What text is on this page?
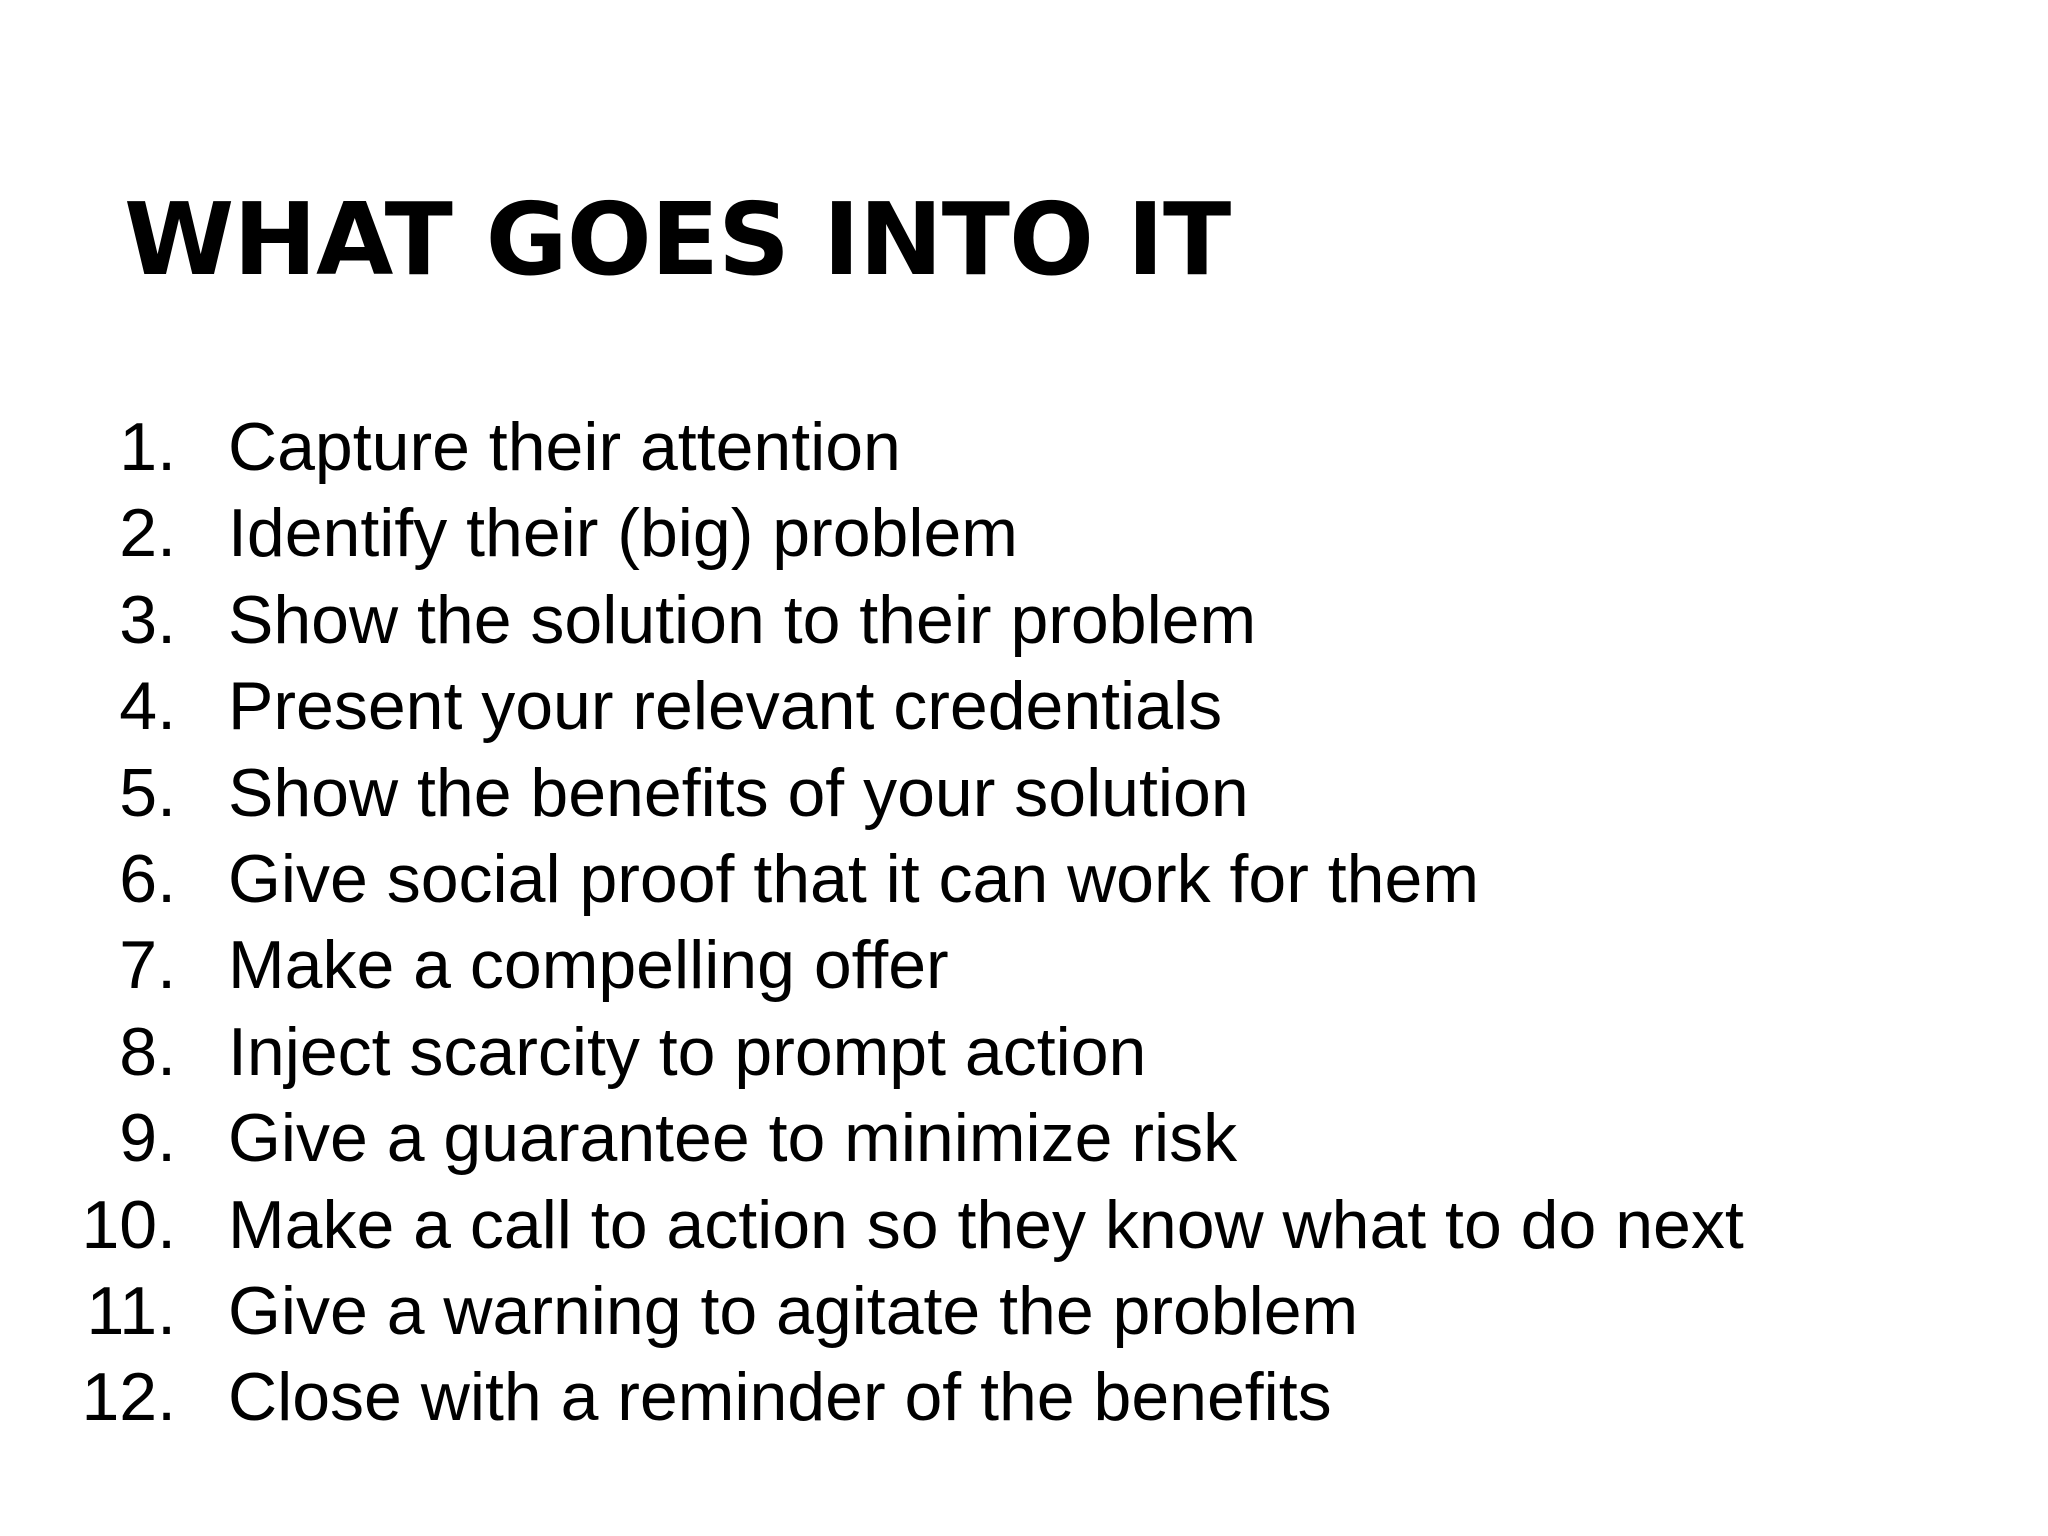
WHAT GOES INTO IT
1. Capture their attention
2. Identify their (big) problem
3. Show the solution to their problem
4. Present your relevant credentials
5. Show the benefits of your solution
6. Give social proof that it can work for them
7. Make a compelling offer
8. Inject scarcity to prompt action
9. Give a guarantee to minimize risk
10. Make a call to action so they know what to do next
11. Give a warning to agitate the problem
12. Close with a reminder of the benefits
